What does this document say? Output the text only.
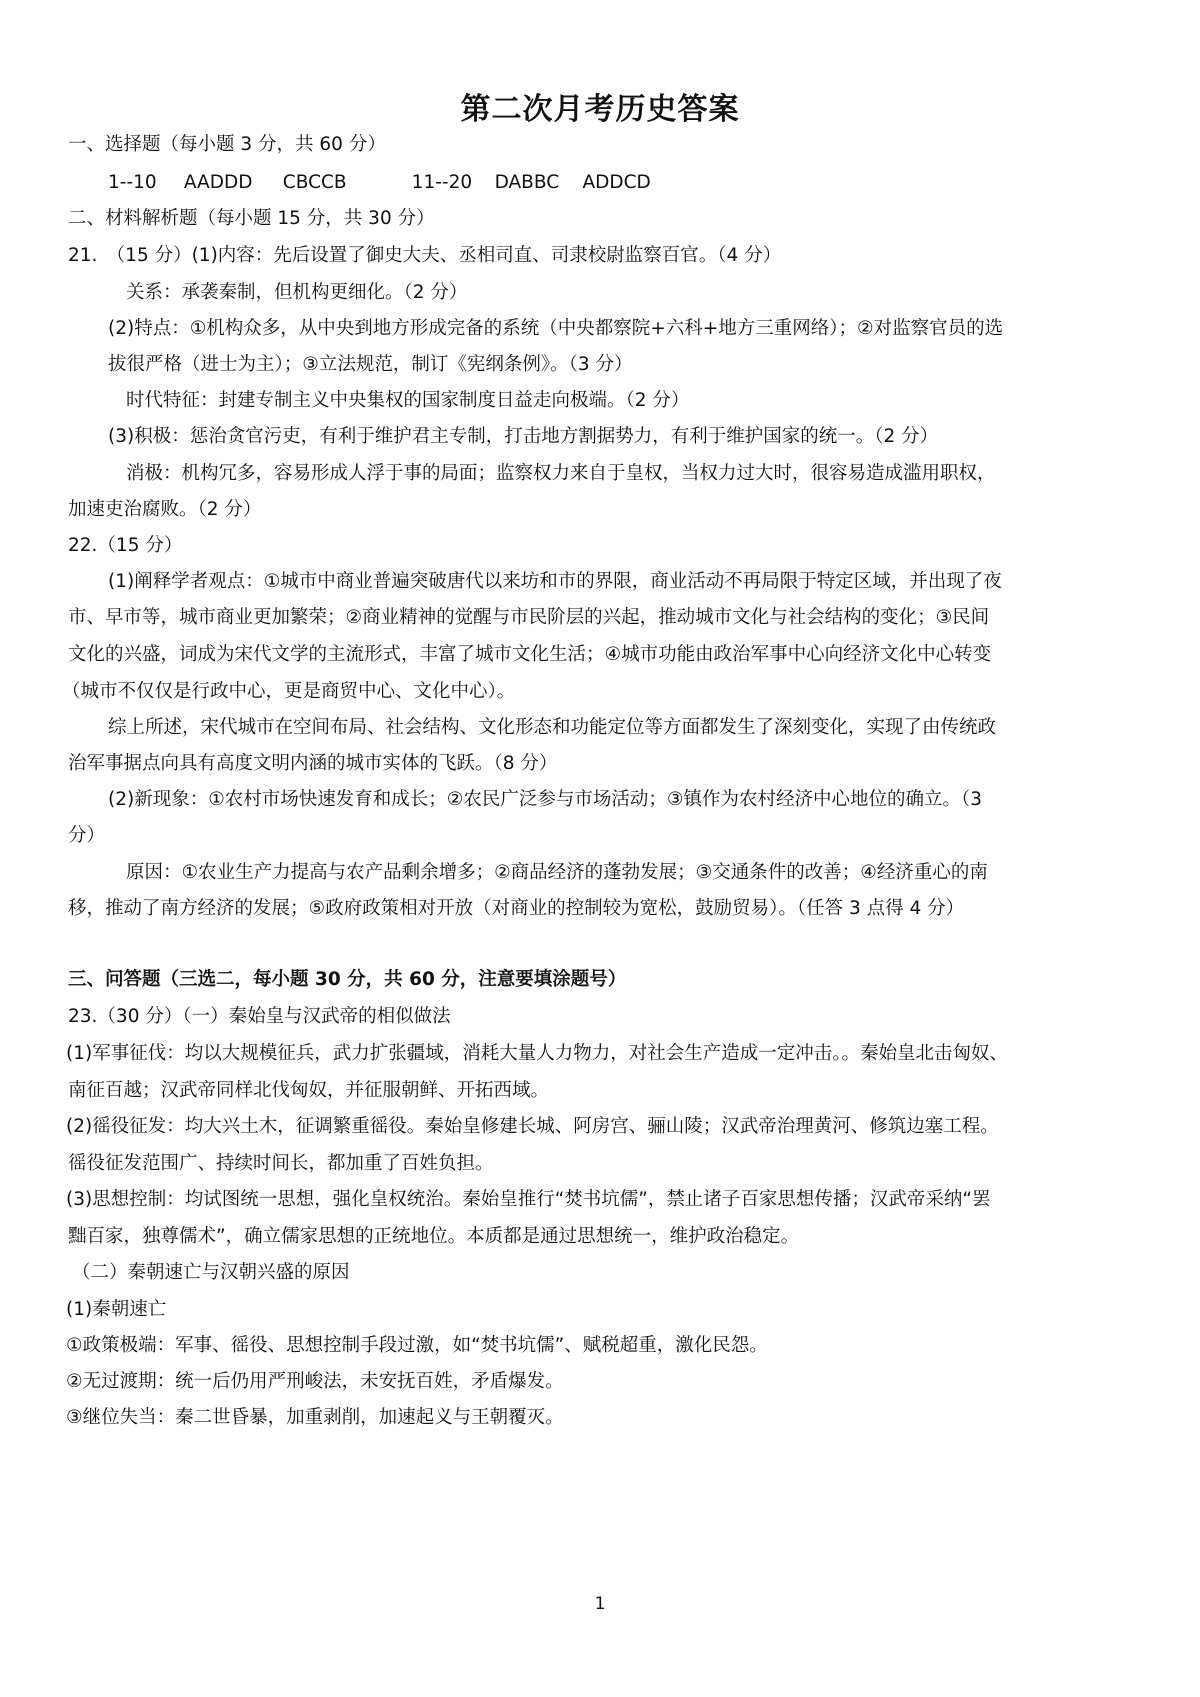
第二次月考历史答案
一、选择题（每小题 3 分，共 60 分）
1--10 AADDD CBCCB	11--20 DABBC ADDCD
二、材料解析题（每小题 15 分，共 30 分）
21.　（15 分）(1)内容：先后设置了御史大夫、丞相司直、司隶校尉监察百官。（4 分）
关系：承袭秦制，但机构更细化。（2 分）
(2)特点：①机构众多，从中央到地方形成完备的系统（中央都察院+六科+地方三重网络）；②对监察官员的选
拔很严格（进士为主）；③立法规范，制订《宪纲条例》。（3 分）
时代特征：封建专制主义中央集权的国家制度日益走向极端。（2 分）
(3)积极：惩治贪官污吏，有利于维护君主专制，打击地方割据势力，有利于维护国家的统一。（2 分）
消极：机构冗多，容易形成人浮于事的局面；监察权力来自于皇权，当权力过大时，很容易造成滥用职权，
加速吏治腐败。（2 分）
22.（15 分）
(1)阐释学者观点：①城市中商业普遍突破唐代以来坊和市的界限，商业活动不再局限于特定区域，并出现了夜
市、早市等，城市商业更加繁荣；②商业精神的觉醒与市民阶层的兴起，推动城市文化与社会结构的变化；③民间
文化的兴盛，词成为宋代文学的主流形式，丰富了城市文化生活；④城市功能由政治军事中心向经济文化中心转变
（城市不仅仅是行政中心，更是商贸中心、文化中心）。
综上所述，宋代城市在空间布局、社会结构、文化形态和功能定位等方面都发生了深刻变化，实现了由传统政
治军事据点向具有高度文明内涵的城市实体的飞跃。（8 分）
(2)新现象：①农村市场快速发育和成长；②农民广泛参与市场活动；③镇作为农村经济中心地位的确立。（3
分）
原因：①农业生产力提高与农产品剩余增多；②商品经济的蓬勃发展；③交通条件的改善；④经济重心的南
移，推动了南方经济的发展；⑤政府政策相对开放（对商业的控制较为宽松，鼓励贸易）。（任答 3 点得 4 分）
三、问答题（三选二，每小题 30 分，共 60 分，注意要填涂题号）
23.（30 分）（一）秦始皇与汉武帝的相似做法
(1)军事征伐：均以大规模征兵，武力扩张疆域，消耗大量人力物力，对社会生产造成一定冲击。。秦始皇北击匈奴、
南征百越；汉武帝同样北伐匈奴，并征服朝鲜、开拓西域。
(2)徭役征发：均大兴土木，征调繁重徭役。秦始皇修建长城、阿房宫、骊山陵；汉武帝治理黄河、修筑边塞工程。
徭役征发范围广、持续时间长，都加重了百姓负担。
(3)思想控制：均试图统一思想，强化皇权统治。秦始皇推行“焚书坑儒”，禁止诸子百家思想传播；汉武帝采纳“罢
黜百家，独尊儒术”，确立儒家思想的正统地位。本质都是通过思想统一，维护政治稳定。
（二）秦朝速亡与汉朝兴盛的原因
(1)秦朝速亡
①政策极端：军事、徭役、思想控制手段过激，如“焚书坑儒”、赋税超重，激化民怨。
②无过渡期：统一后仍用严刑峻法，未安抚百姓，矛盾爆发。
③继位失当：秦二世昏暴，加重剥削，加速起义与王朝覆灭。
1
